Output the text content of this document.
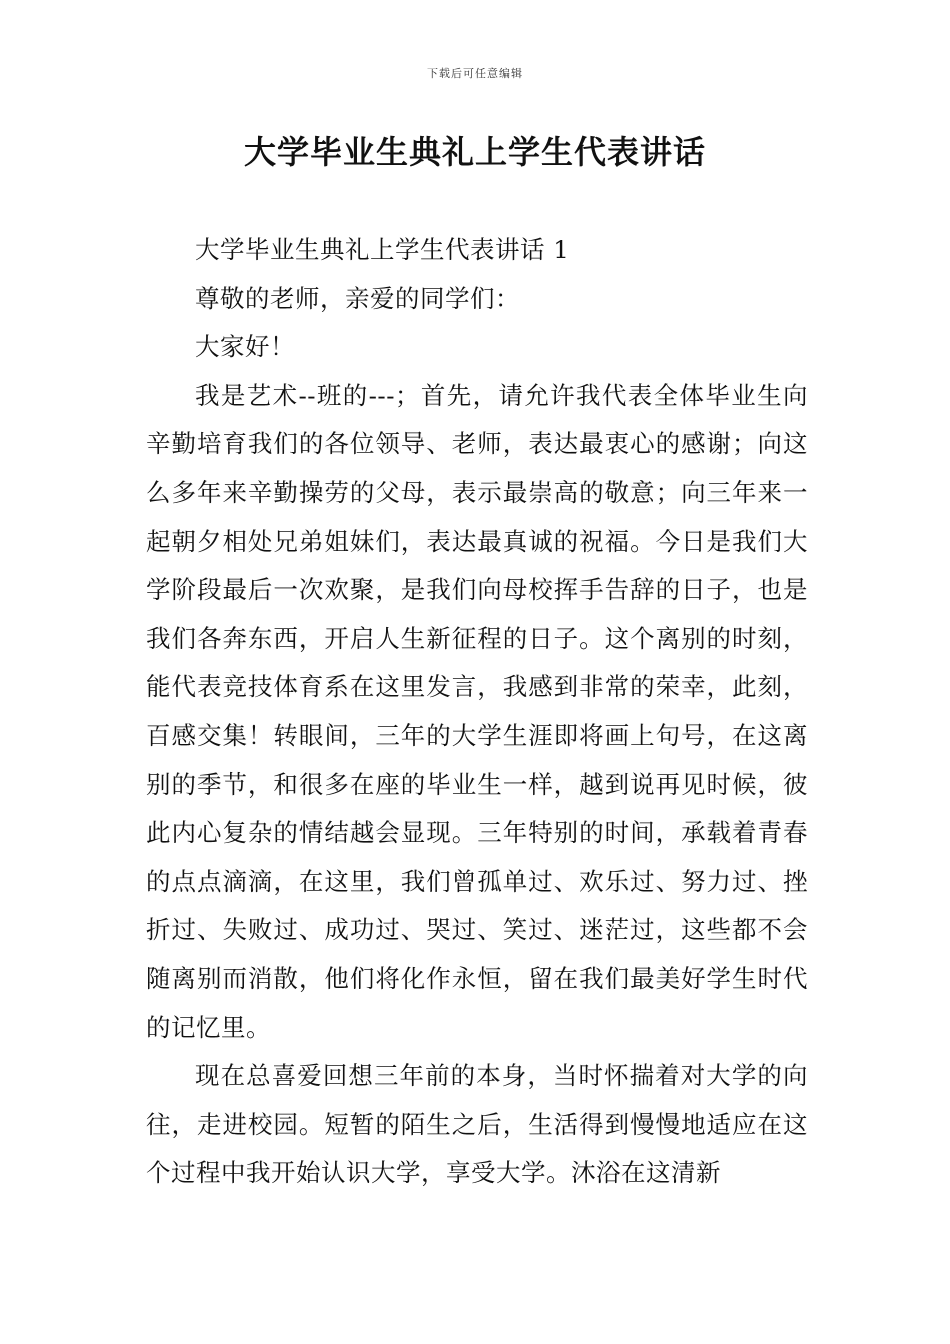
下载后可任意编辑
大学毕业生典礼上学生代表讲话

大学毕业生典礼上学生代表讲话 1

尊敬的老师，亲爱的同学们：

大家好！

我是艺术--班的---；首先，请允许我代表全体毕业生向辛勤培育我们的各位领导、老师，表达最衷心的感谢；向这么多年来辛勤操劳的父母，表示最崇高的敬意；向三年来一起朝夕相处兄弟姐妹们，表达最真诚的祝福。今日是我们大学阶段最后一次欢聚，是我们向母校挥手告辞的日子，也是我们各奔东西，开启人生新征程的日子。这个离别的时刻，能代表竞技体育系在这里发言，我感到非常的荣幸，此刻，百感交集！转眼间，三年的大学生涯即将画上句号，在这离别的季节，和很多在座的毕业生一样，越到说再见时候，彼此内心复杂的情结越会显现。三年特别的时间，承载着青春的点点滴滴，在这里，我们曾孤单过、欢乐过、努力过、挫折过、失败过、成功过、哭过、笑过、迷茫过，这些都不会随离别而消散，他们将化作永恒，留在我们最美好学生时代的记忆里。

现在总喜爱回想三年前的本身，当时怀揣着对大学的向往，走进校园。短暂的陌生之后，生活得到慢慢地适应在这个过程中我开始认识大学，享受大学。沐浴在这清新
